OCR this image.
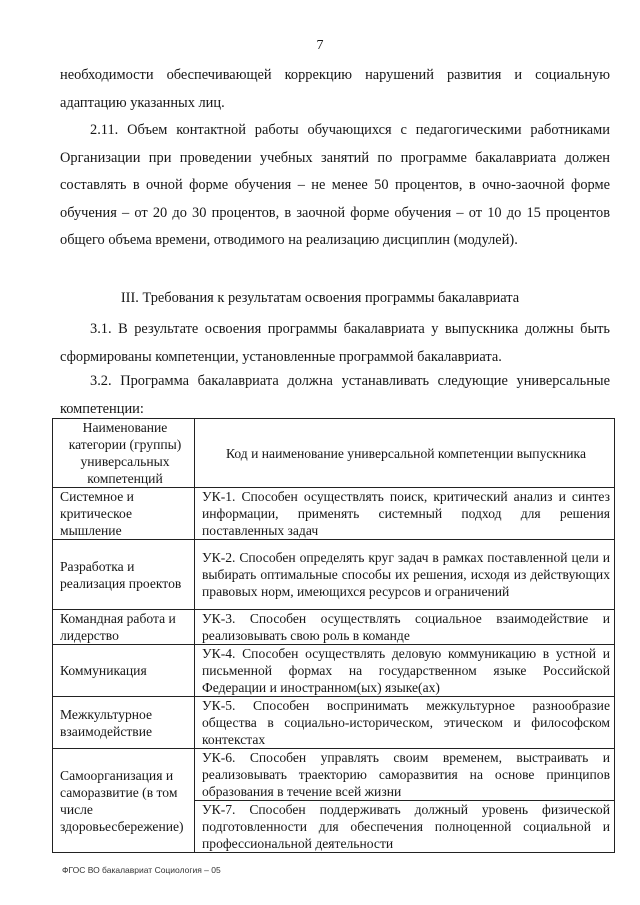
7

необходимости обеспечивающей коррекцию нарушений развития и социальную адаптацию указанных лиц.

2.11. Объем контактной работы обучающихся с педагогическими работниками Организации при проведении учебных занятий по программе бакалавриата должен составлять в очной форме обучения – не менее 50 процентов, в очно-заочной форме обучения – от 20 до 30 процентов, в заочной форме обучения – от 10 до 15 процентов общего объема времени, отводимого на реализацию дисциплин (модулей).

III. Требования к результатам освоения программы бакалавриата

3.1. В результате освоения программы бакалавриата у выпускника должны быть сформированы компетенции, установленные программой бакалавриата.

3.2. Программа бакалавриата должна устанавливать следующие универсальные компетенции:

Наименование категории (группы) универсальных компетенций	Код и наименование универсальной компетенции выпускника
Системное и критическое мышление	УК-1. Способен осуществлять поиск, критический анализ и синтез информации, применять системный подход для решения поставленных задач
Разработка и реализация проектов	УК-2. Способен определять круг задач в рамках поставленной цели и выбирать оптимальные способы их решения, исходя из действующих правовых норм, имеющихся ресурсов и ограничений
Командная работа и лидерство	УК-3. Способен осуществлять социальное взаимодействие и реализовывать свою роль в команде
Коммуникация	УК-4. Способен осуществлять деловую коммуникацию в устной и письменной формах на государственном языке Российской Федерации и иностранном(ых) языке(ах)
Межкультурное взаимодействие	УК-5. Способен воспринимать межкультурное разнообразие общества в социально-историческом, этическом и философском контекстах
Самоорганизация и саморазвитие (в том числе здоровьесбережение)	УК-6. Способен управлять своим временем, выстраивать и реализовывать траекторию саморазвития на основе принципов образования в течение всей жизни
	УК-7. Способен поддерживать должный уровень физической подготовленности для обеспечения полноценной социальной и профессиональной деятельности
ФГОС ВО бакалавриат Социология – 05
